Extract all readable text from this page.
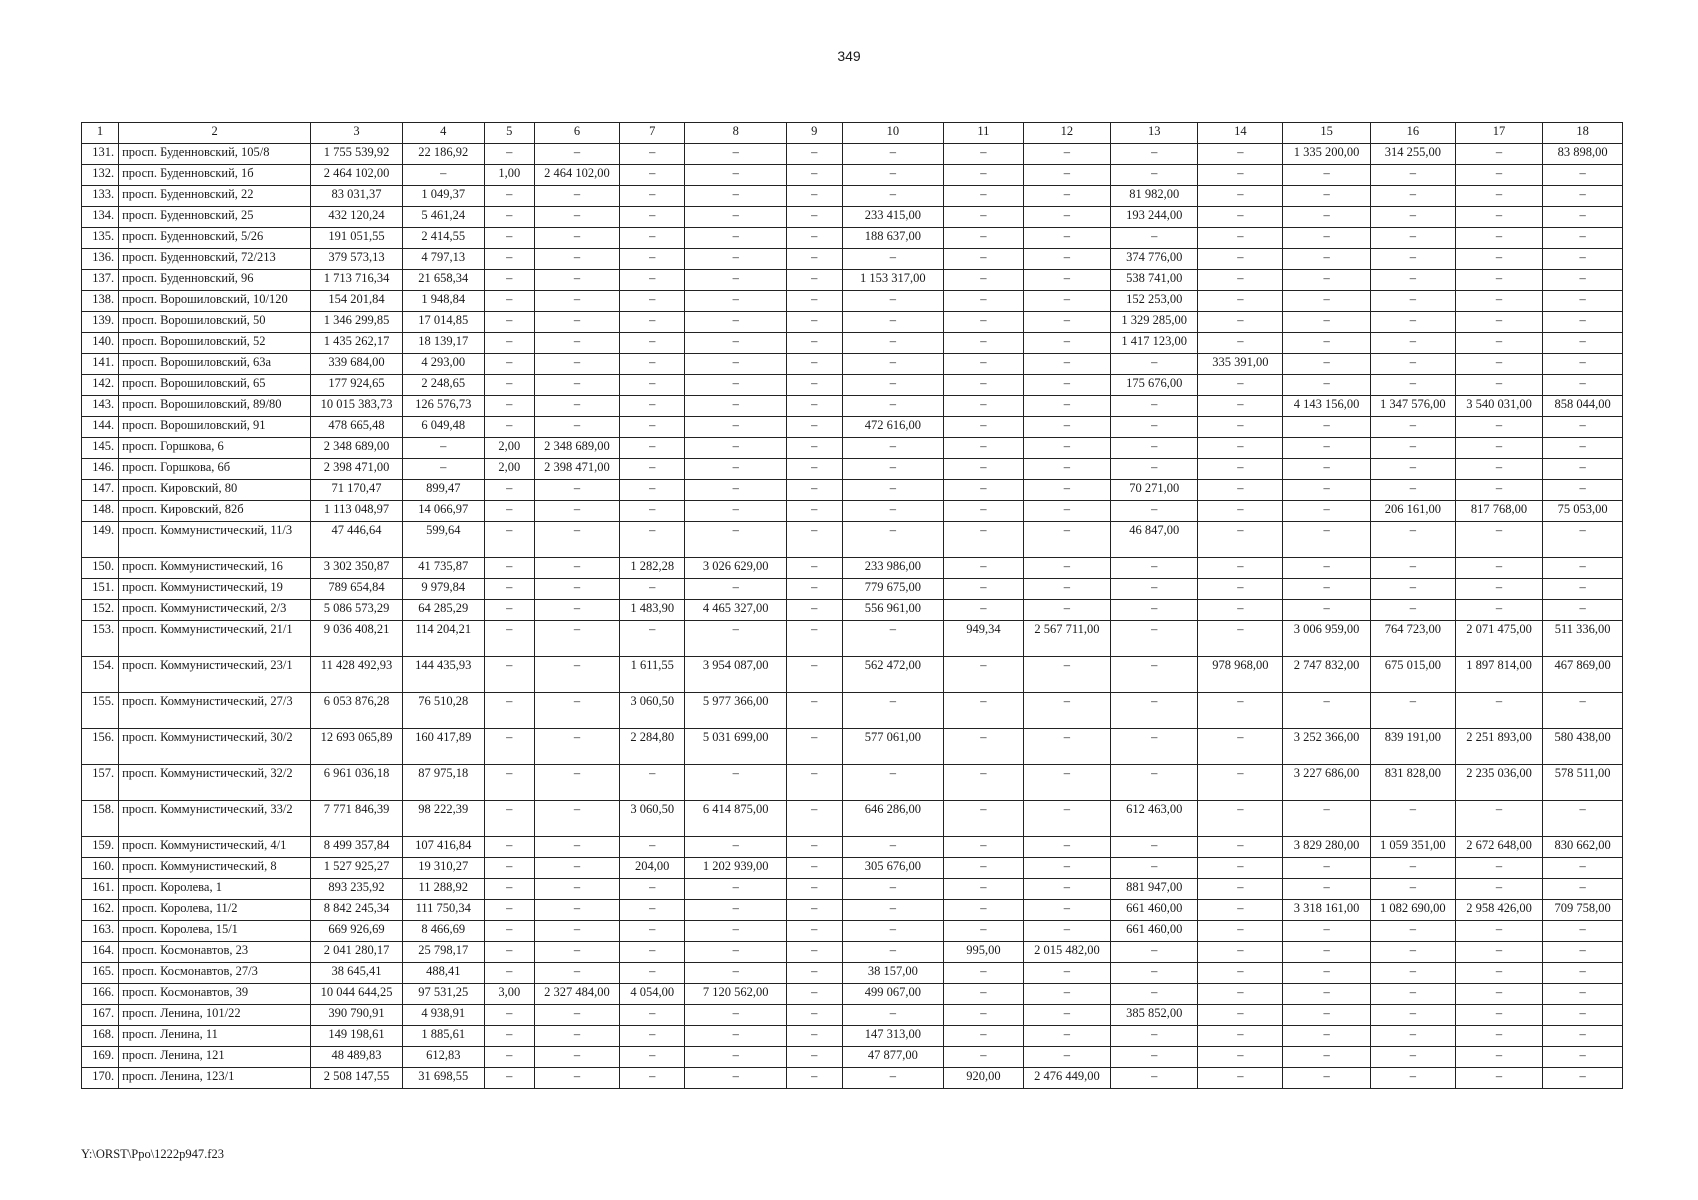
349
1	2	3	4	5	6	7	8	9	10	11	12	13	14	15	16	17	18
131.	просп. Буденновский, 105/8	1 755 539,92	22 186,92	–	–	–	–	–	–	–	–	–	–	1 335 200,00	314 255,00	–	83 898,00
132.	просп. Буденновский, 1б	2 464 102,00	–	1,00	2 464 102,00	–	–	–	–	–	–	–	–	–	–	–	–
133.	просп. Буденновский, 22	83 031,37	1 049,37	–	–	–	–	–	–	–	–	81 982,00	–	–	–	–	–
134.	просп. Буденновский, 25	432 120,24	5 461,24	–	–	–	–	–	233 415,00	–	–	193 244,00	–	–	–	–	–
135.	просп. Буденновский, 5/26	191 051,55	2 414,55	–	–	–	–	–	188 637,00	–	–	–	–	–	–	–	–
136.	просп. Буденновский, 72/213	379 573,13	4 797,13	–	–	–	–	–	–	–	–	374 776,00	–	–	–	–	–
137.	просп. Буденновский, 96	1 713 716,34	21 658,34	–	–	–	–	–	1 153 317,00	–	–	538 741,00	–	–	–	–	–
138.	просп. Ворошиловский, 10/120	154 201,84	1 948,84	–	–	–	–	–	–	–	–	152 253,00	–	–	–	–	–
139.	просп. Ворошиловский, 50	1 346 299,85	17 014,85	–	–	–	–	–	–	–	–	1 329 285,00	–	–	–	–	–
140.	просп. Ворошиловский, 52	1 435 262,17	18 139,17	–	–	–	–	–	–	–	–	1 417 123,00	–	–	–	–	–
141.	просп. Ворошиловский, 63а	339 684,00	4 293,00	–	–	–	–	–	–	–	–	–	335 391,00	–	–	–	–
142.	просп. Ворошиловский, 65	177 924,65	2 248,65	–	–	–	–	–	–	–	–	175 676,00	–	–	–	–	–
143.	просп. Ворошиловский, 89/80	10 015 383,73	126 576,73	–	–	–	–	–	–	–	–	–	–	4 143 156,00	1 347 576,00	3 540 031,00	858 044,00
144.	просп. Ворошиловский, 91	478 665,48	6 049,48	–	–	–	–	–	472 616,00	–	–	–	–	–	–	–	–
145.	просп. Горшкова, 6	2 348 689,00	–	2,00	2 348 689,00	–	–	–	–	–	–	–	–	–	–	–	–
146.	просп. Горшкова, 6б	2 398 471,00	–	2,00	2 398 471,00	–	–	–	–	–	–	–	–	–	–	–	–
147.	просп. Кировский, 80	71 170,47	899,47	–	–	–	–	–	–	–	–	70 271,00	–	–	–	–	–
148.	просп. Кировский, 82б	1 113 048,97	14 066,97	–	–	–	–	–	–	–	–	–	–	–	206 161,00	817 768,00	75 053,00
149.	просп. Коммунистический, 11/3	47 446,64	599,64	–	–	–	–	–	–	–	–	46 847,00	–	–	–	–	–
150.	просп. Коммунистический, 16	3 302 350,87	41 735,87	–	–	1 282,28	3 026 629,00	–	233 986,00	–	–	–	–	–	–	–	–
151.	просп. Коммунистический, 19	789 654,84	9 979,84	–	–	–	–	–	779 675,00	–	–	–	–	–	–	–	–
152.	просп. Коммунистический, 2/3	5 086 573,29	64 285,29	–	–	1 483,90	4 465 327,00	–	556 961,00	–	–	–	–	–	–	–	–
153.	просп. Коммунистический, 21/1	9 036 408,21	114 204,21	–	–	–	–	–	–	949,34	2 567 711,00	–	–	3 006 959,00	764 723,00	2 071 475,00	511 336,00
154.	просп. Коммунистический, 23/1	11 428 492,93	144 435,93	–	–	1 611,55	3 954 087,00	–	562 472,00	–	–	–	978 968,00	2 747 832,00	675 015,00	1 897 814,00	467 869,00
155.	просп. Коммунистический, 27/3	6 053 876,28	76 510,28	–	–	3 060,50	5 977 366,00	–	–	–	–	–	–	–	–	–	–
156.	просп. Коммунистический, 30/2	12 693 065,89	160 417,89	–	–	2 284,80	5 031 699,00	–	577 061,00	–	–	–	–	3 252 366,00	839 191,00	2 251 893,00	580 438,00
157.	просп. Коммунистический, 32/2	6 961 036,18	87 975,18	–	–	–	–	–	–	–	–	–	–	3 227 686,00	831 828,00	2 235 036,00	578 511,00
158.	просп. Коммунистический, 33/2	7 771 846,39	98 222,39	–	–	3 060,50	6 414 875,00	–	646 286,00	–	–	612 463,00	–	–	–	–	–
159.	просп. Коммунистический, 4/1	8 499 357,84	107 416,84	–	–	–	–	–	–	–	–	–	–	3 829 280,00	1 059 351,00	2 672 648,00	830 662,00
160.	просп. Коммунистический, 8	1 527 925,27	19 310,27	–	–	204,00	1 202 939,00	–	305 676,00	–	–	–	–	–	–	–	–
161.	просп. Королева, 1	893 235,92	11 288,92	–	–	–	–	–	–	–	–	881 947,00	–	–	–	–	–
162.	просп. Королева, 11/2	8 842 245,34	111 750,34	–	–	–	–	–	–	–	–	661 460,00	–	3 318 161,00	1 082 690,00	2 958 426,00	709 758,00
163.	просп. Королева, 15/1	669 926,69	8 466,69	–	–	–	–	–	–	–	–	661 460,00	–	–	–	–	–
164.	просп. Космонавтов, 23	2 041 280,17	25 798,17	–	–	–	–	–	–	995,00	2 015 482,00	–	–	–	–	–	–
165.	просп. Космонавтов, 27/3	38 645,41	488,41	–	–	–	–	–	38 157,00	–	–	–	–	–	–	–	–
166.	просп. Космонавтов, 39	10 044 644,25	97 531,25	3,00	2 327 484,00	4 054,00	7 120 562,00	–	499 067,00	–	–	–	–	–	–	–	–
167.	просп. Ленина, 101/22	390 790,91	4 938,91	–	–	–	–	–	–	–	–	385 852,00	–	–	–	–	–
168.	просп. Ленина, 11	149 198,61	1 885,61	–	–	–	–	–	147 313,00	–	–	–	–	–	–	–	–
169.	просп. Ленина, 121	48 489,83	612,83	–	–	–	–	–	47 877,00	–	–	–	–	–	–	–	–
170.	просп. Ленина, 123/1	2 508 147,55	31 698,55	–	–	–	–	–	–	920,00	2 476 449,00	–	–	–	–	–	–
Y:\ORST\Ppo\1222p947.f23
